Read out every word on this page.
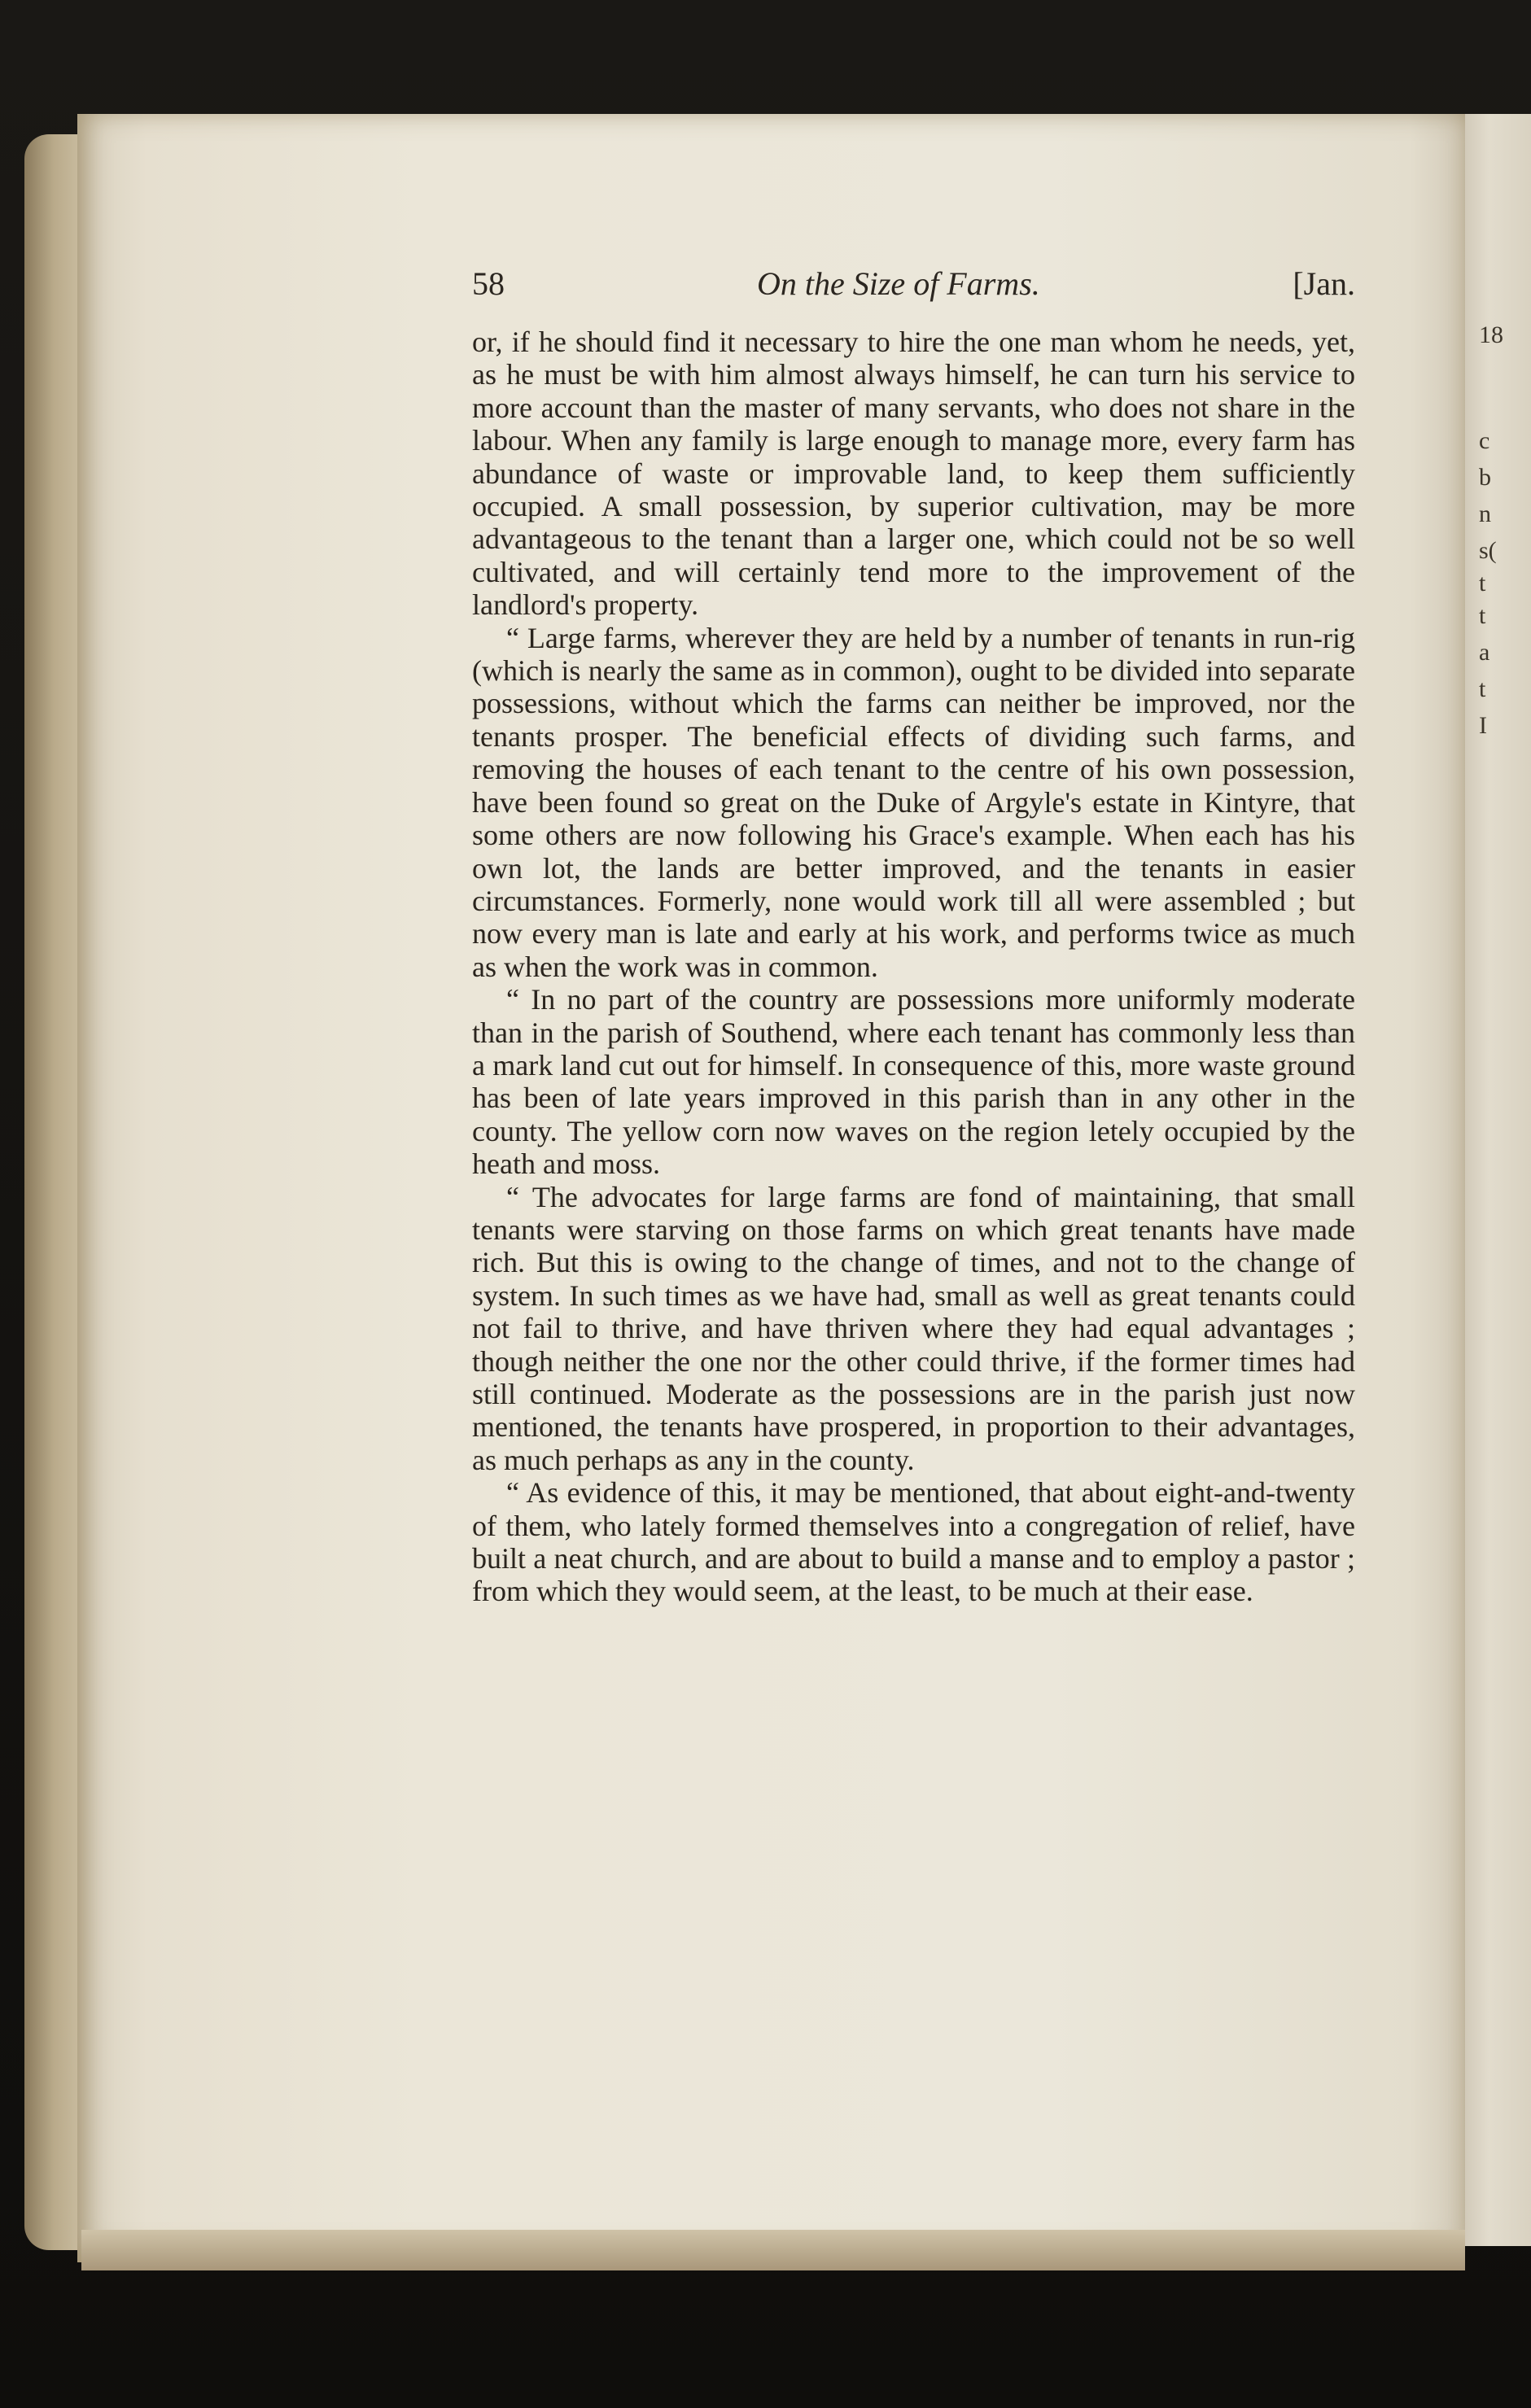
18
c
b
n
s(
t
t
a
t
I
58	On the Size of Farms.	[Jan.

or, if he should find it necessary to hire the one man whom he needs, yet, as he must be with him almost always himself, he can turn his service to more account than the master of many servants, who does not share in the labour. When any family is large enough to manage more, every farm has abundance of waste or improvable land, to keep them sufficiently occupied. A small possession, by superior cultivation, may be more advantageous to the tenant than a larger one, which could not be so well cultivated, and will certainly tend more to the improvement of the landlord's property.

“ Large farms, wherever they are held by a number of tenants in run-rig (which is nearly the same as in common), ought to be divided into separate possessions, without which the farms can neither be improved, nor the tenants prosper. The beneficial effects of dividing such farms, and removing the houses of each tenant to the centre of his own possession, have been found so great on the Duke of Argyle's estate in Kintyre, that some others are now following his Grace's example. When each has his own lot, the lands are better improved, and the tenants in easier circumstances. Formerly, none would work till all were assembled ; but now every man is late and early at his work, and performs twice as much as when the work was in common.

“ In no part of the country are possessions more uniformly moderate than in the parish of Southend, where each tenant has commonly less than a mark land cut out for himself. In consequence of this, more waste ground has been of late years improved in this parish than in any other in the county. The yellow corn now waves on the region letely occupied by the heath and moss.

“ The advocates for large farms are fond of maintaining, that small tenants were starving on those farms on which great tenants have made rich. But this is owing to the change of times, and not to the change of system. In such times as we have had, small as well as great tenants could not fail to thrive, and have thriven where they had equal advantages ; though neither the one nor the other could thrive, if the former times had still continued. Moderate as the possessions are in the parish just now mentioned, the tenants have prospered, in proportion to their advantages, as much perhaps as any in the county.

“ As evidence of this, it may be mentioned, that about eight-and-twenty of them, who lately formed themselves into a congregation of relief, have built a neat church, and are about to build a manse and to employ a pastor ; from which they would seem, at the least, to be much at their ease.
